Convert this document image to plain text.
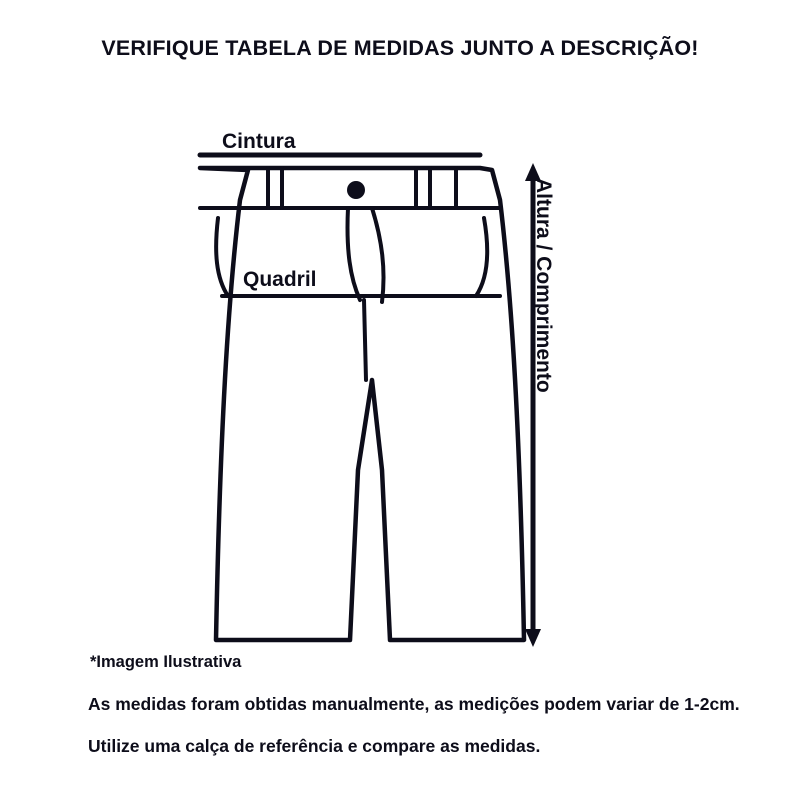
VERIFIQUE TABELA DE MEDIDAS JUNTO A DESCRIÇÃO!
Cintura
Quadril	Altura / Comprimento
*Imagem Ilustrativa
As medidas foram obtidas manualmente, as medições podem variar de 1-2cm.
Utilize uma calça de referência e compare as medidas.
